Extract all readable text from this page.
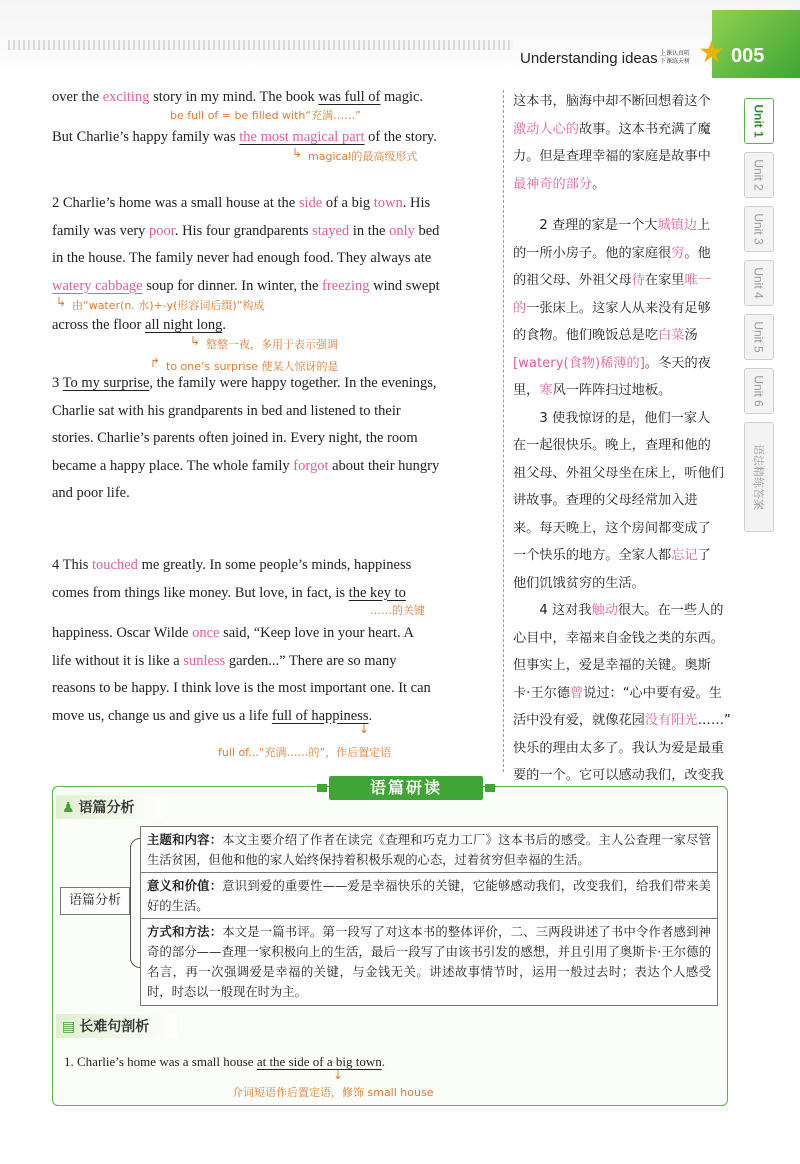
Understanding ideas 上课认真听
下课练天树 ★ 005
Unit 1
Unit 2
Unit 3
Unit 4
Unit 5
Unit 6
语法精练答案
over the exciting story in my mind. The book was full of magic.
be full of = be filled with“充满……”
But Charlie’s happy family was the most magical part of the story.
↳ magical的最高级形式
2 Charlie’s home was a small house at the side of a big town. His
family was very poor. His four grandparents stayed in the only bed
in the house. The family never had enough food. They always ate
watery cabbage soup for dinner. In winter, the freezing wind swept
↳ 由“water(n. 水)+-y(形容词后缀)”构成
across the floor all night long.
↳ 整整一夜，多用于表示强调
↱ to one’s surprise 使某人惊讶的是
3 To my surprise, the family were happy together. In the evenings,
Charlie sat with his grandparents in bed and listened to their
stories. Charlie’s parents often joined in. Every night, the room
became a happy place. The whole family forgot about their hungry
and poor life.
4 This touched me greatly. In some people’s minds, happiness
comes from things like money. But love, in fact, is the key to
……的关键
happiness. Oscar Wilde once said, “Keep love in your heart. A
life without it is like a sunless garden...” There are so many
reasons to be happy. I think love is the most important one. It can
move us, change us and give us a life full of happiness.
↓
full of...“充满……的”，作后置定语
这本书，脑海中却不断回想着这个
激动人心的故事。这本书充满了魔
力。但是查理幸福的家庭是故事中
最神奇的部分。
　　2 查理的家是一个大城镇边上
的一所小房子。他的家庭很穷。他
的祖父母、外祖父母待在家里唯一
的一张床上。这家人从来没有足够
的食物。他们晚饭总是吃白菜汤
[watery(食物)稀薄的]。冬天的夜
里，寒风一阵阵扫过地板。
　　3 使我惊讶的是，他们一家人
在一起很快乐。晚上，查理和他的
祖父母、外祖父母坐在床上，听他们
讲故事。查理的父母经常加入进
来。每天晚上，这个房间都变成了
一个快乐的地方。全家人都忘记了
他们饥饿贫穷的生活。
　　4 这对我触动很大。在一些人的
心目中，幸福来自金钱之类的东西。
但事实上，爱是幸福的关键。奥斯
卡·王尔德曾说过：“心中要有爱。生
活中没有爱，就像花园没有阳光……”
快乐的理由太多了。我认为爱是最重
要的一个。它可以感动我们，改变我
语篇研读
♟ 语篇分析
语篇分析
主题和内容：本文主要介绍了作者在读完《查理和巧克力工厂》这本书后的感受。主人公查理一家尽管生活贫困，但他和他的家人始终保持着积极乐观的心态，过着贫穷但幸福的生活。
意义和价值：意识到爱的重要性——爱是幸福快乐的关键，它能够感动我们，改变我们，给我们带来美好的生活。
方式和方法：本文是一篇书评。第一段写了对这本书的整体评价，二、三两段讲述了书中令作者感到神奇的部分——查理一家积极向上的生活，最后一段写了由该书引发的感想，并且引用了奥斯卡·王尔德的名言，再一次强调爱是幸福的关键，与金钱无关。讲述故事情节时，运用一般过去时；表达个人感受时，时态以一般现在时为主。
▤ 长难句剖析
1. Charlie’s home was a small house at the side of a big town.
↓
介词短语作后置定语，修饰 small house
